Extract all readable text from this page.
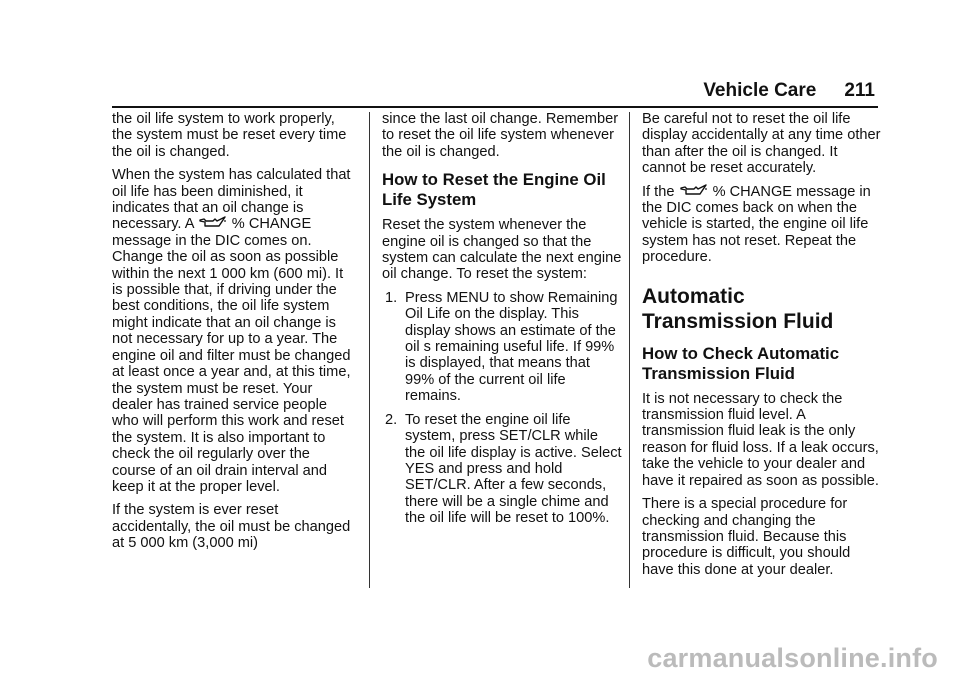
Vehicle Care 211

the oil life system to work properly, the system must be reset every time the oil is changed.

When the system has calculated that oil life has been diminished, it indicates that an oil change is necessary. A	% CHANGE message in the DIC comes on. Change the oil as soon as possible within the next 1 000 km (600 mi). It is possible that, if driving under the best conditions, the oil life system might indicate that an oil change is not necessary for up to a year. The engine oil and filter must be changed at least once a year and, at this time, the system must be reset. Your dealer has trained service people who will perform this work and reset the system. It is also important to check the oil regularly over the course of an oil drain interval and keep it at the proper level.

If the system is ever reset accidentally, the oil must be changed at 5 000 km (3,000 mi)

since the last oil change. Remember to reset the oil life system whenever the oil is changed.

How to Reset the Engine Oil Life System

Reset the system whenever the engine oil is changed so that the system can calculate the next engine oil change. To reset the system:

1. Press MENU to show Remaining Oil Life on the display. This display shows an estimate of the oil s remaining useful life. If 99% is displayed, that means that 99% of the current oil life remains.
2. To reset the engine oil life system, press SET/CLR while the oil life display is active. Select YES and press and hold SET/CLR. After a few seconds, there will be a single chime and the oil life will be reset to 100%.

Be careful not to reset the oil life display accidentally at any time other than after the oil is changed. It cannot be reset accurately.

If the	% CHANGE message in the DIC comes back on when the vehicle is started, the engine oil life system has not reset. Repeat the procedure.

Automatic Transmission Fluid
How to Check Automatic Transmission Fluid

It is not necessary to check the transmission fluid level. A transmission fluid leak is the only reason for fluid loss. If a leak occurs, take the vehicle to your dealer and have it repaired as soon as possible.

There is a special procedure for checking and changing the transmission fluid. Because this procedure is difficult, you should have this done at your dealer.

carmanualsonline.info
